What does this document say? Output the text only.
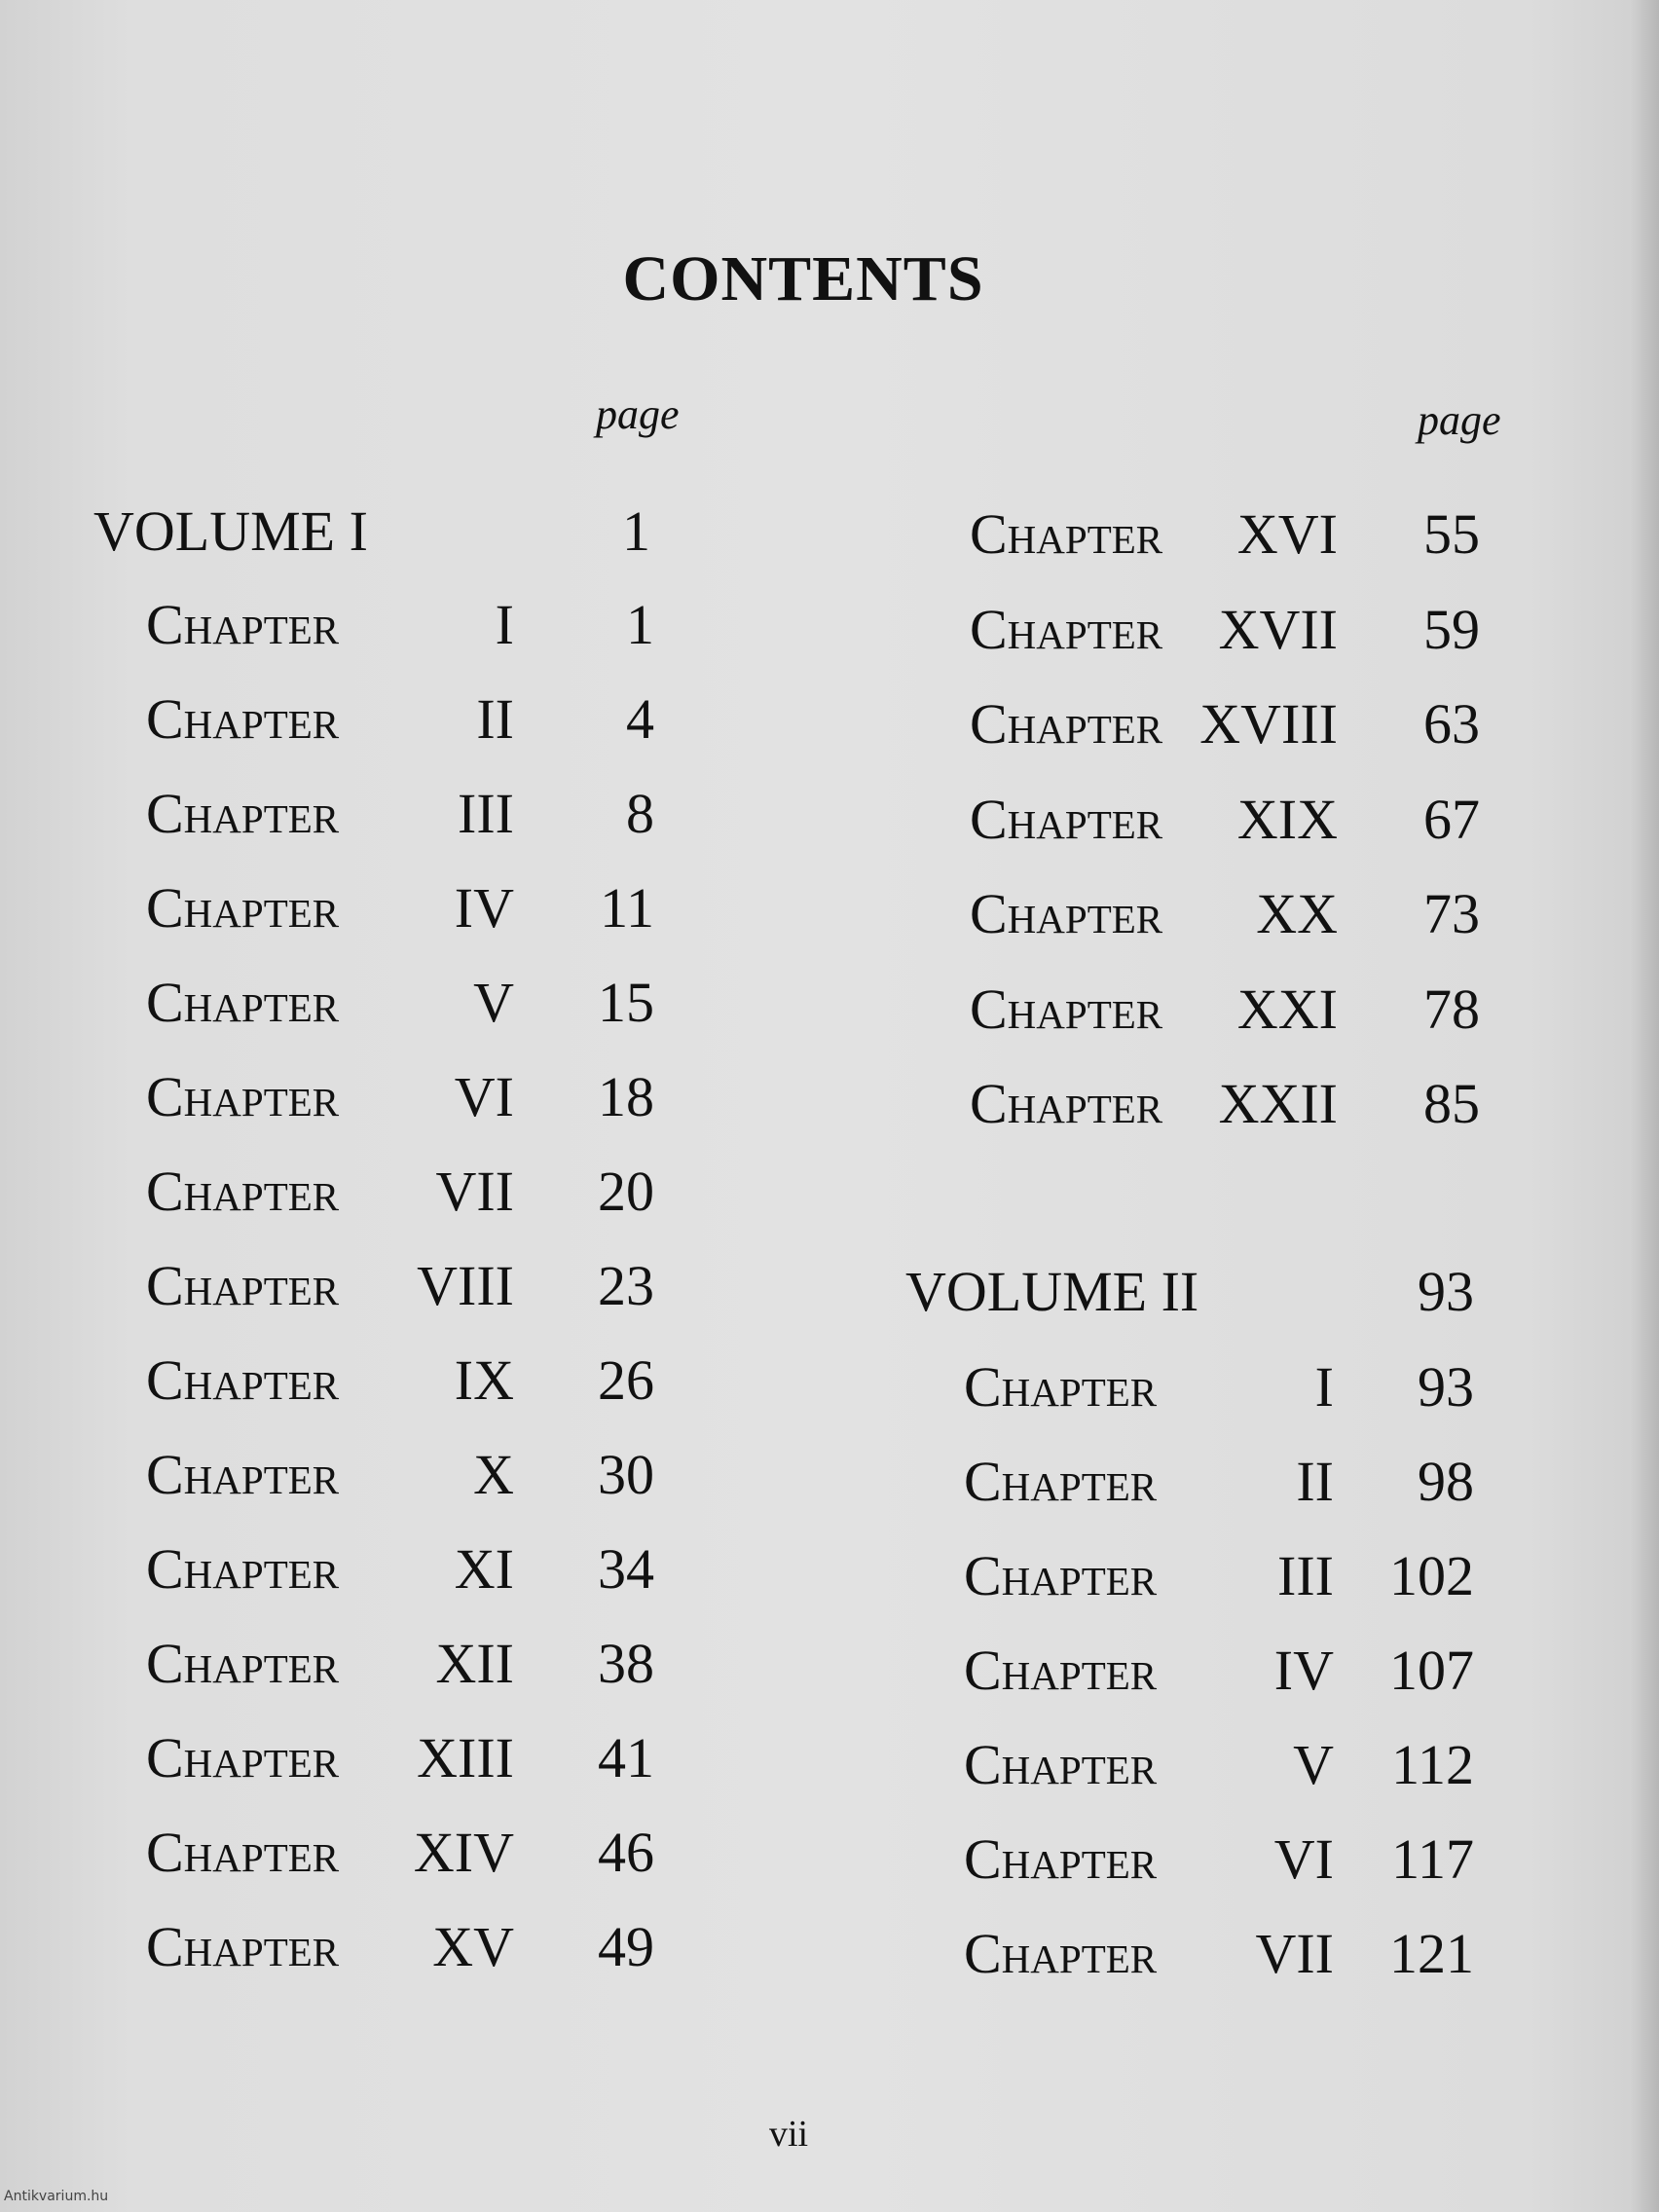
CONTENTS
page	page
VOLUME I	1
Chapter	I 1
Chapter II 4
Chapter III 8
Chapter IV 11
Chapter V 15
Chapter VI 18
Chapter VII 20
Chapter VIII 23
Chapter IX 26
Chapter X 30
Chapter XI 34
Chapter XII 38
Chapter XIII 41
Chapter XIV 46
Chapter XV 49
Chapter XVI 55
Chapter XVII 59
Chapter XVIII 63
Chapter XIX 67
Chapter XX 73
Chapter XXI 78
Chapter XXII 85
VOLUME II	93
Chapter	I 93
Chapter II 98
Chapter III 102
Chapter IV 107
Chapter V 112
Chapter VI 117
Chapter VII 121
vii
Antikvarium.hu
